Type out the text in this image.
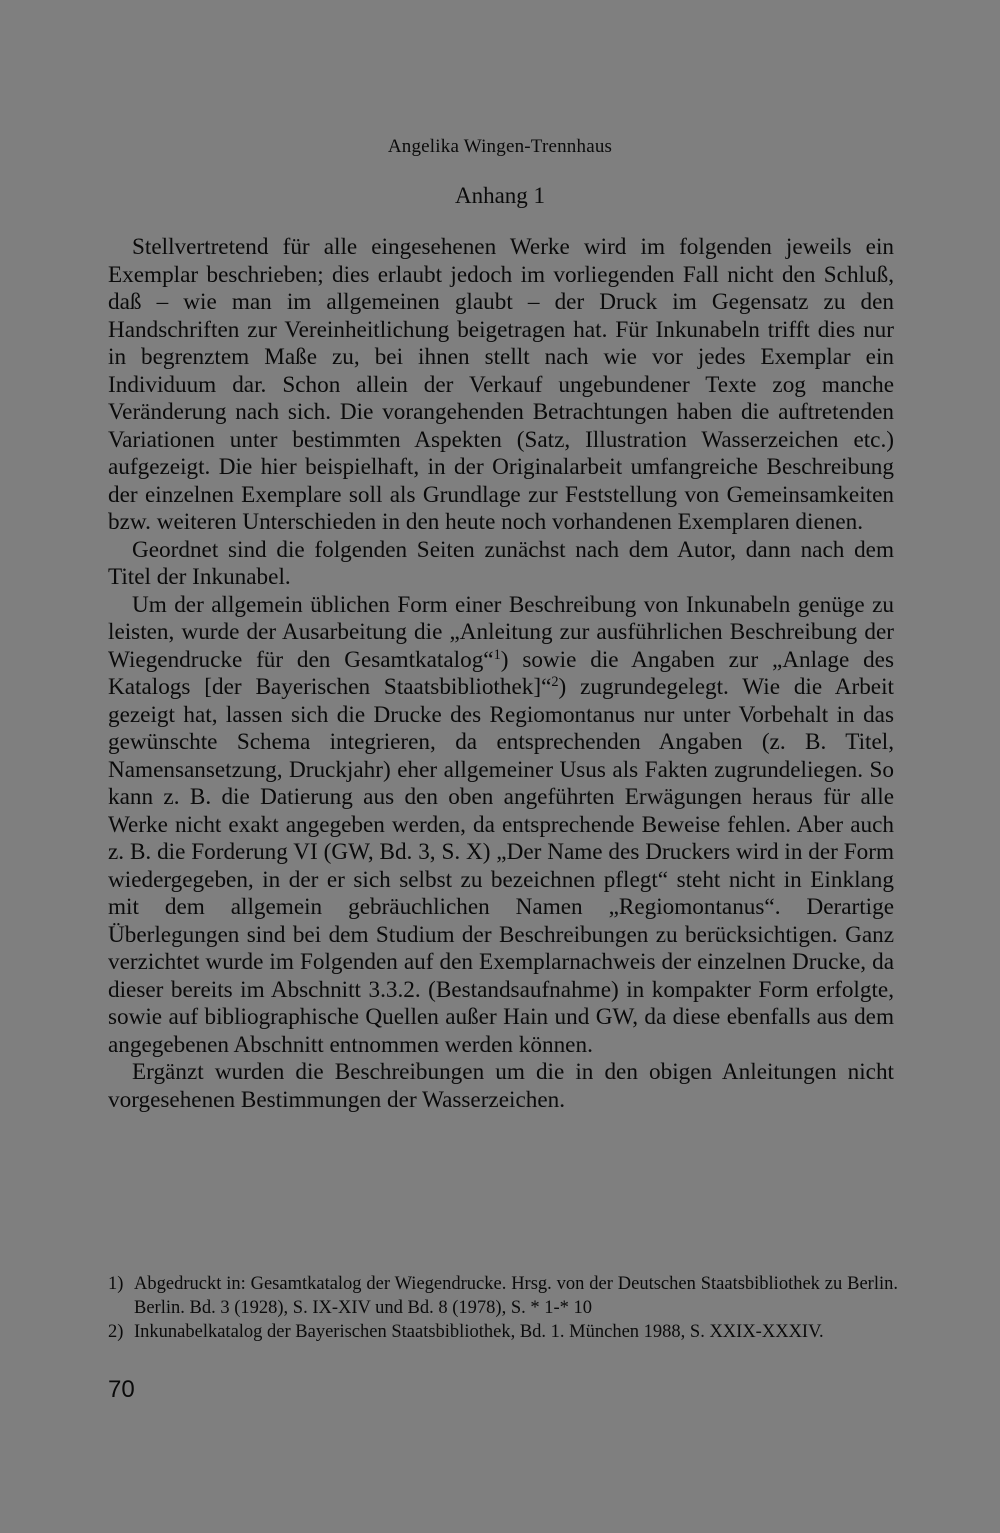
Angelika Wingen-Trennhaus
Anhang 1

Stellvertretend für alle eingesehenen Werke wird im folgenden jeweils ein Exemplar beschrieben; dies erlaubt jedoch im vorliegenden Fall nicht den Schluß, daß – wie man im allgemeinen glaubt – der Druck im Gegensatz zu den Handschriften zur Vereinheitlichung beigetragen hat. Für Inkunabeln trifft dies nur in begrenztem Maße zu, bei ihnen stellt nach wie vor jedes Exemplar ein Individuum dar. Schon allein der Verkauf ungebundener Texte zog manche Veränderung nach sich. Die vorangehenden Betrachtungen haben die auftretenden Variationen unter bestimmten Aspekten (Satz, Illustration Wasserzeichen etc.) aufgezeigt. Die hier beispielhaft, in der Originalarbeit umfangreiche Beschreibung der einzelnen Exemplare soll als Grundlage zur Feststellung von Gemeinsamkeiten bzw. weiteren Unterschieden in den heute noch vorhandenen Exemplaren dienen.

Geordnet sind die folgenden Seiten zunächst nach dem Autor, dann nach dem Titel der Inkunabel.

Um der allgemein üblichen Form einer Beschreibung von Inkunabeln genüge zu leisten, wurde der Ausarbeitung die „Anleitung zur ausführlichen Beschreibung der Wiegendrucke für den Gesamtkatalog“$^1$) sowie die Angaben zur „Anlage des Katalogs [der Bayerischen Staatsbibliothek]“$^2$) zugrundegelegt. Wie die Arbeit gezeigt hat, lassen sich die Drucke des Regiomontanus nur unter Vorbehalt in das gewünschte Schema integrieren, da entsprechenden Angaben (z. B. Titel, Namensansetzung, Druckjahr) eher allgemeiner Usus als Fakten zugrundeliegen. So kann z. B. die Datierung aus den oben angeführten Erwägungen heraus für alle Werke nicht exakt angegeben werden, da entsprechende Beweise fehlen. Aber auch z. B. die Forderung VI (GW, Bd. 3, S. X) „Der Name des Druckers wird in der Form wiedergegeben, in der er sich selbst zu bezeichnen pflegt“ steht nicht in Einklang mit dem allgemein gebräuchlichen Namen „Regiomontanus“. Derartige Überlegungen sind bei dem Studium der Beschreibungen zu berücksichtigen. Ganz verzichtet wurde im Folgenden auf den Exemplarnachweis der einzelnen Drucke, da dieser bereits im Abschnitt 3.3.2. (Bestandsaufnahme) in kompakter Form erfolgte, sowie auf bibliographische Quellen außer Hain und GW, da diese ebenfalls aus dem angegebenen Abschnitt entnommen werden können.

Ergänzt wurden die Beschreibungen um die in den obigen Anleitungen nicht vorgesehenen Bestimmungen der Wasserzeichen.

1) Abgedruckt in: Gesamtkatalog der Wiegendrucke. Hrsg. von der Deutschen Staatsbibliothek zu Berlin. Berlin. Bd. 3 (1928), S. IX-XIV und Bd. 8 (1978), S. * 1-* 10
2) Inkunabelkatalog der Bayerischen Staatsbibliothek, Bd. 1. München 1988, S. XXIX-XXXIV.
70
